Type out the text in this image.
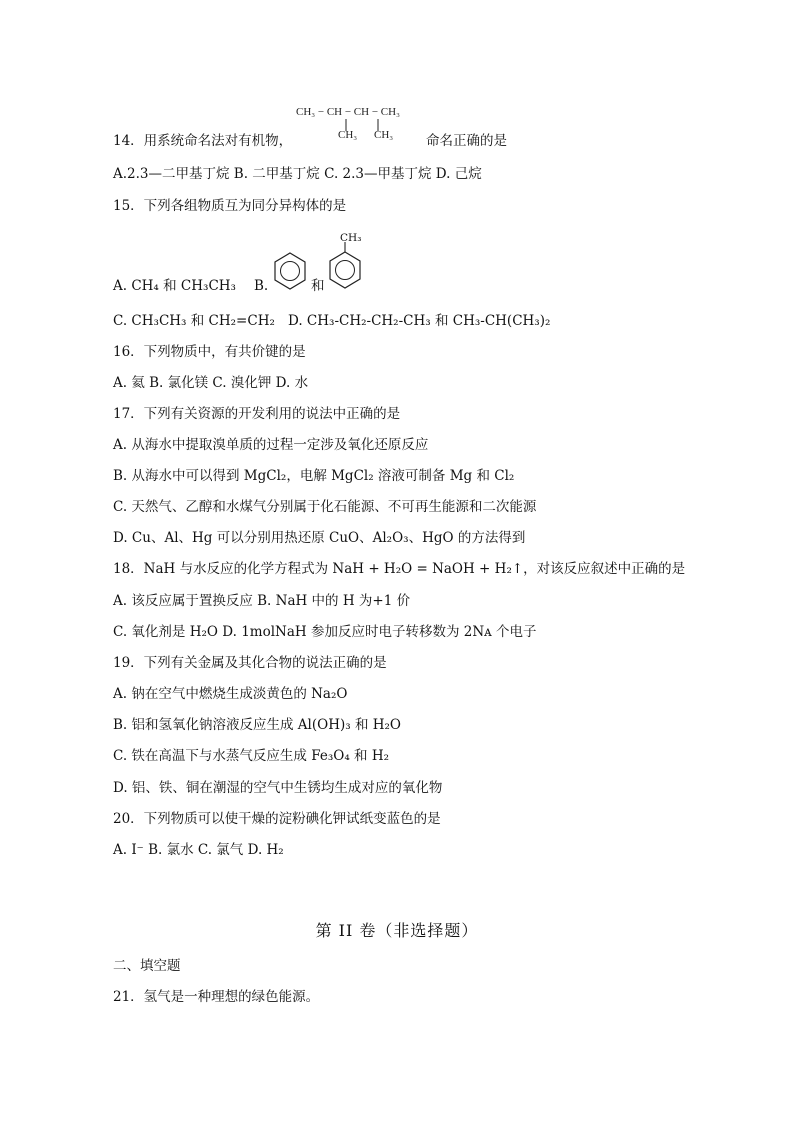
CH₃ − CH − CH − CH₃
CH₃ CH₃
14．用系统命名法对有机物，	命名正确的是
A.2.3—二甲基丁烷 B. 二甲基丁烷 C. 2.3—甲基丁烷 D. 己烷
15．下列各组物质互为同分异构体的是
A. CH₄ 和 CH₃CH₃ B.	和
CH₃
C. CH₃CH₃ 和 CH₂=CH₂ D. CH₃-CH₂-CH₂-CH₃ 和 CH₃-CH(CH₃)₂
16．下列物质中，有共价键的是
A. 氦 B. 氯化镁 C. 溴化钾 D. 水
17．下列有关资源的开发利用的说法中正确的是
A. 从海水中提取溴单质的过程一定涉及氧化还原反应
B. 从海水中可以得到 MgCl₂，电解 MgCl₂ 溶液可制备 Mg 和 Cl₂
C. 天然气、乙醇和水煤气分别属于化石能源、不可再生能源和二次能源
D. Cu、Al、Hg 可以分别用热还原 CuO、Al₂O₃、HgO 的方法得到
18．NaH 与水反应的化学方程式为 NaH + H₂O = NaOH + H₂↑，对该反应叙述中正确的是
A. 该反应属于置换反应 B. NaH 中的 H 为+1 价
C. 氧化剂是 H₂O D. 1molNaH 参加反应时电子转移数为 2Nᴀ 个电子
19．下列有关金属及其化合物的说法正确的是
A. 钠在空气中燃烧生成淡黄色的 Na₂O
B. 铝和氢氧化钠溶液反应生成 Al(OH)₃ 和 H₂O
C. 铁在高温下与水蒸气反应生成 Fe₃O₄ 和 H₂
D. 铝、铁、铜在潮湿的空气中生锈均生成对应的氧化物
20．下列物质可以使干燥的淀粉碘化钾试纸变蓝色的是
A. I⁻ B. 氯水 C. 氯气 D. H₂
第 II 卷（非选择题）
二、填空题
21．氢气是一种理想的绿色能源。
